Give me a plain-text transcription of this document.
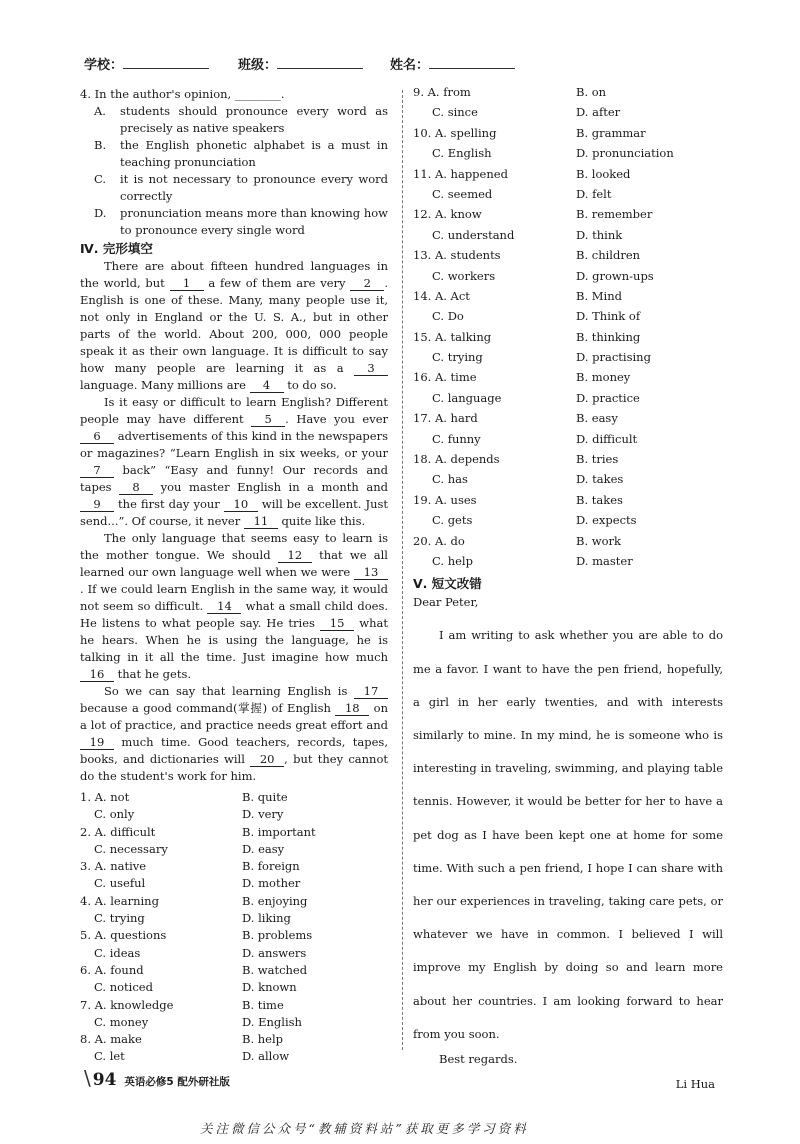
学校：	班级：	姓名：

4. In the author's opinion, ________.

A.	students should pronounce every word as precisely as native speakers
B.	the English phonetic alphabet is a must in teaching pronunciation
C.	it is not necessary to pronounce every word correctly
D.	pronunciation means more than knowing how to pronounce every single word
Ⅳ. 完形填空

There are about fifteen hundred languages in the world, but 1 a few of them are very 2 . English is one of these. Many, many people use it, not only in England or the U. S. A., but in other parts of the world. About 200, 000, 000 people speak it as their own language. It is difficult to say how many people are learning it as a 3 language. Many millions are 4 to do so.

Is it easy or difficult to learn English? Different people may have different 5 . Have you ever 6 advertisements of this kind in the newspapers or magazines? “Learn English in six weeks, or your 7 back” “Easy and funny! Our records and tapes 8 you master English in a month and 9 the first day your 10 will be excellent. Just send...”. Of course, it never 11 quite like this.

The only language that seems easy to learn is the mother tongue. We should 12 that we all learned our own language well when we were 13. If we could learn English in the same way, it would not seem so difficult. 14 what a small child does. He listens to what people say. He tries 15 what he hears. When he is using the language, he is talking in it all the time. Just imagine how much 16 that he gets.

So we can say that learning English is 17 because a good command(掌握) of English 18 on a lot of practice, and practice needs great effort and 19 much time. Good teachers, records, tapes, books, and dictionaries will 20 , but they cannot do the student's work for him.

1. A. not	B. quite
C. only	D. very
2. A. difficult	B. important
C. necessary	D. easy
3. A. native	B. foreign
C. useful	D. mother
4. A. learning	B. enjoying
C. trying	D. liking
5. A. questions	B. problems
C. ideas	D. answers
6. A. found	B. watched
C. noticed	D. known
7. A. knowledge	B. time
C. money	D. English
8. A. make	B. help
C. let	D. allow
9. A. from	B. on
C. since	D. after
10. A. spelling	B. grammar
C. English	D. pronunciation
11. A. happened	B. looked
C. seemed	D. felt
12. A. know	B. remember
C. understand	D. think
13. A. students	B. children
C. workers	D. grown-ups
14. A. Act	B. Mind
C. Do	D. Think of
15. A. talking	B. thinking
C. trying	D. practising
16. A. time	B. money
C. language	D. practice
17. A. hard	B. easy
C. funny	D. difficult
18. A. depends	B. tries
C. has	D. takes
19. A. uses	B. takes
C. gets	D. expects
20. A. do	B. work
C. help	D. master
Ⅴ. 短文改错

Dear Peter,

I am writing to ask whether you are able to do me a favor. I want to have the pen friend, hopefully, a girl in her early twenties, and with interests similarly to mine. In my mind, he is someone who is interesting in traveling, swimming, and playing table tennis. However, it would be better for her to have a pet dog as I have been kept one at home for some time. With such a pen friend, I hope I can share with her our experiences in traveling, taking care pets, or whatever we have in common. I believed I will improve my English by doing so and learn more about her countries. I am looking forward to hear from you soon.

Best regards.

Li Hua
\ 94 英语必修5 配外研社版
关注微信公众号“教辅资料站”获取更多学习资料
